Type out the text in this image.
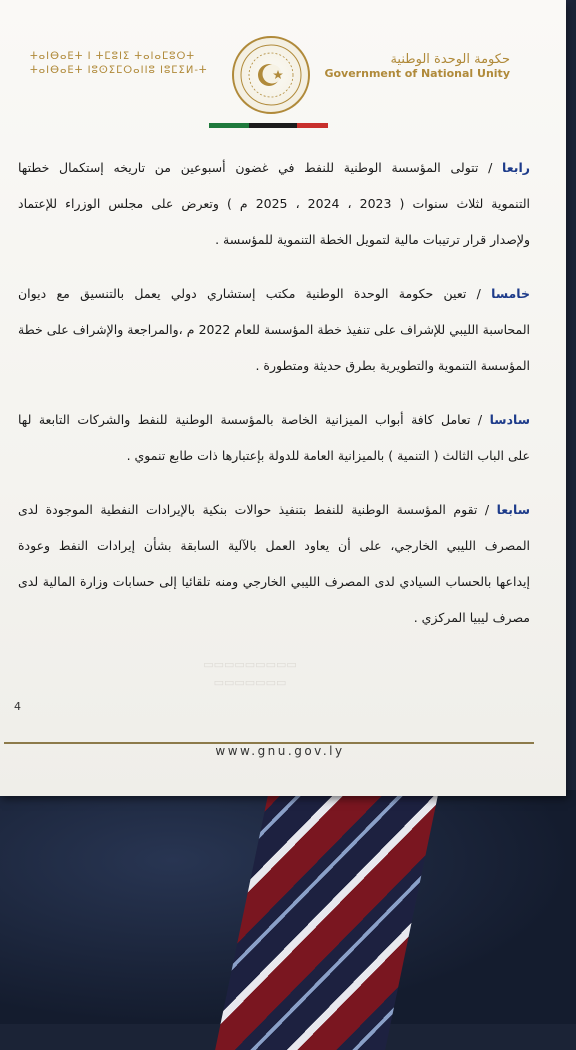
ⵜⴰⵏⴱⴰⴹⵜ ⵏ ⵜⵎⵓⵏⵉ ⵜⴰⵏⴰⵎⵓⵔⵜ
ⵜⴰⵏⴱⴰⴹⵜ ⵏⵓⵙⵉⵎⵔⴰⵏⵏⵓ ⵏⵓⵎⵉⵍ-ⵜ
حكومة الوحدة الوطنية
Government of National Unity
رابعا / تتولى المؤسسة الوطنية للنفط في غضون أسبوعين من تاريخه إستكمال خطتها
التنموية لثلاث سنوات ( 2023 ، 2024 ، 2025 م ) وتعرض على مجلس الوزراء للإعتماد
ولإصدار قرار ترتيبات مالية لتمويل الخطة التنموية للمؤسسة .
خامسا / تعين حكومة الوحدة الوطنية مكتب إستشاري دولي يعمل بالتنسيق مع ديوان
المحاسبة الليبي للإشراف على تنفيذ خطة المؤسسة للعام 2022 م ،والمراجعة والإشراف على خطة
المؤسسة التنموية والتطويرية بطرق حديثة ومتطورة .
سادسا / تعامل كافة أبواب الميزانية الخاصة بالمؤسسة الوطنية للنفط والشركات التابعة لها
على الباب الثالث ( التنمية ) بالميزانية العامة للدولة بإعتبارها ذات طابع تنموي .
سابعا / تقوم المؤسسة الوطنية للنفط بتنفيذ حوالات بنكية بالإيرادات النفطية الموجودة لدى
المصرف الليبي الخارجي، على أن يعاود العمل بالآلية السابقة بشأن إيرادات النفط وعودة
إيداعها بالحساب السيادي لدى المصرف الليبي الخارجي ومنه تلقائيا إلى حسابات وزارة المالية لدى
مصرف ليبيا المركزي .
▭▭▭▭▭▭▭▭▭
▭▭▭▭▭▭▭
4
www.gnu.gov.ly
